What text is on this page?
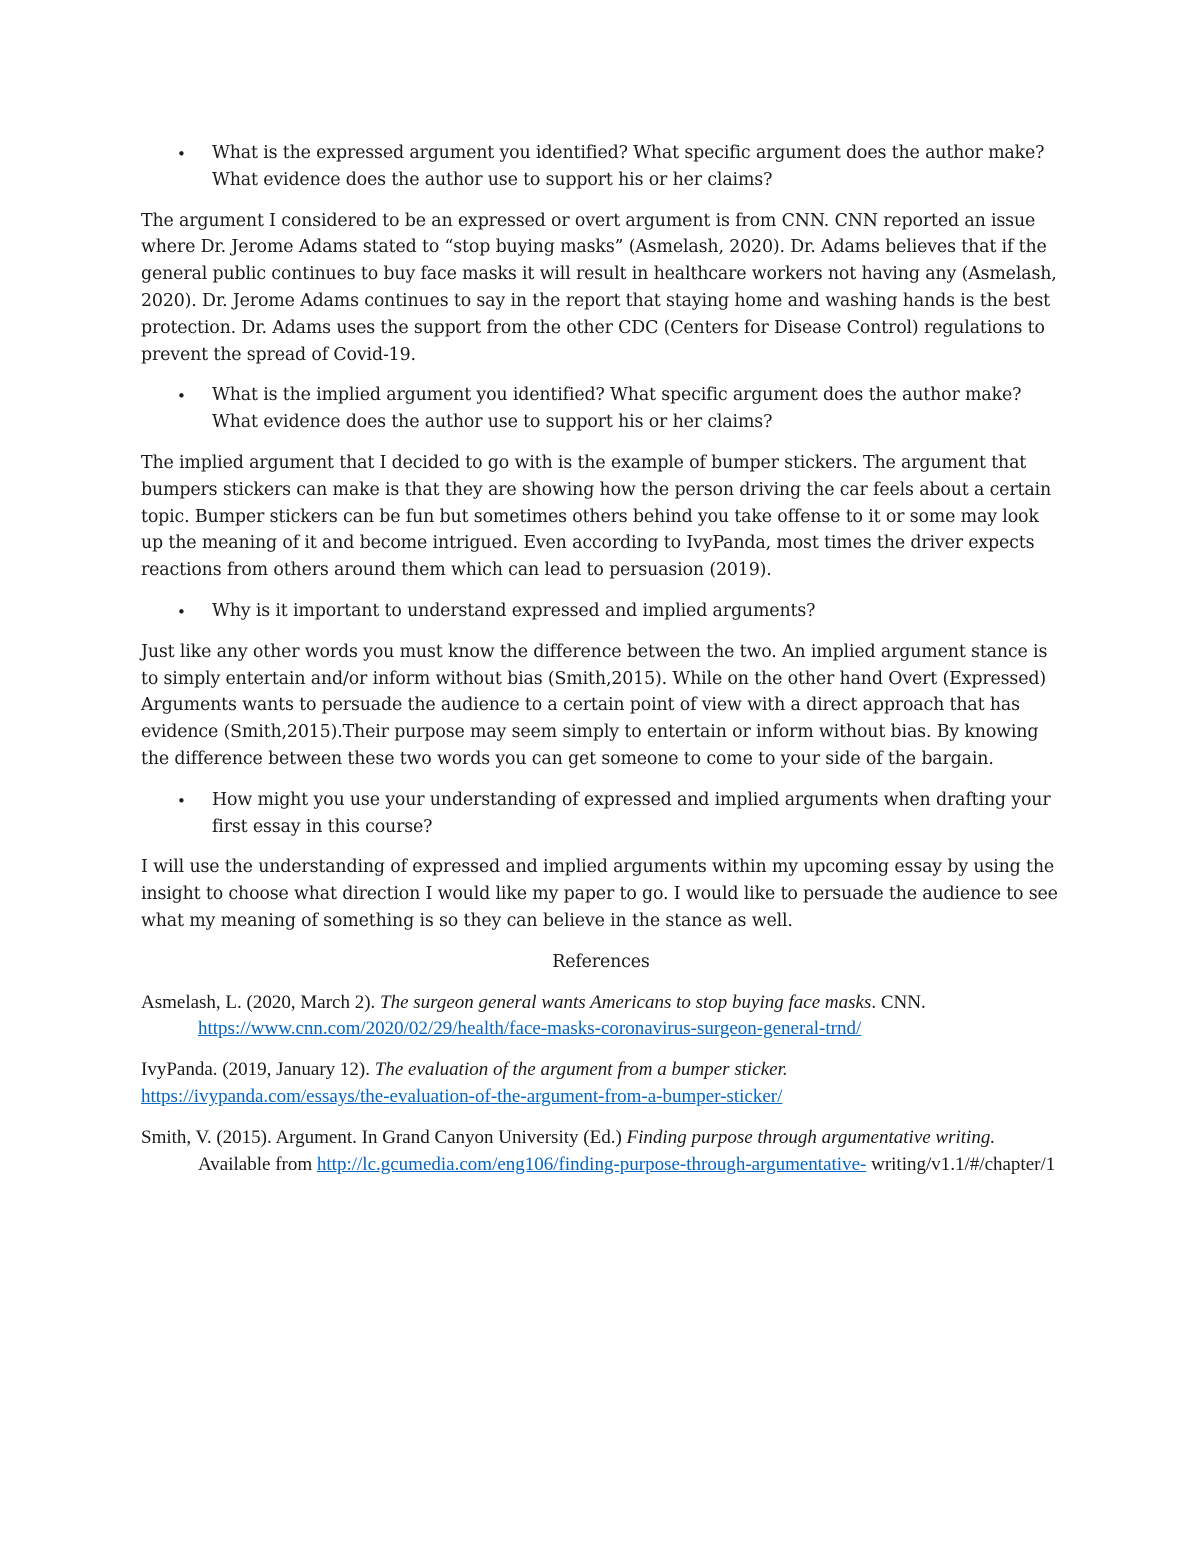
• What is the expressed argument you identified? What specific argument does the author make? What evidence does the author use to support his or her claims?

The argument I considered to be an expressed or overt argument is from CNN. CNN reported an issue where Dr. Jerome Adams stated to “stop buying masks” (Asmelash, 2020). Dr. Adams believes that if the general public continues to buy face masks it will result in healthcare workers not having any (Asmelash, 2020). Dr. Jerome Adams continues to say in the report that staying home and washing hands is the best protection. Dr. Adams uses the support from the other CDC (Centers for Disease Control) regulations to prevent the spread of Covid-19.

• What is the implied argument you identified? What specific argument does the author make? What evidence does the author use to support his or her claims?

The implied argument that I decided to go with is the example of bumper stickers. The argument that bumpers stickers can make is that they are showing how the person driving the car feels about a certain topic. Bumper stickers can be fun but sometimes others behind you take offense to it or some may look up the meaning of it and become intrigued. Even according to IvyPanda, most times the driver expects reactions from others around them which can lead to persuasion (2019).

• Why is it important to understand expressed and implied arguments?

Just like any other words you must know the difference between the two. An implied argument stance is to simply entertain and/or inform without bias (Smith,2015). While on the other hand Overt (Expressed) Arguments wants to persuade the audience to a certain point of view with a direct approach that has evidence (Smith,2015).Their purpose may seem simply to entertain or inform without bias. By knowing the difference between these two words you can get someone to come to your side of the bargain.

• How might you use your understanding of expressed and implied arguments when drafting your first essay in this course?

I will use the understanding of expressed and implied arguments within my upcoming essay by using the insight to choose what direction I would like my paper to go. I would like to persuade the audience to see what my meaning of something is so they can believe in the stance as well.

References

Asmelash, L. (2020, March 2). The surgeon general wants Americans to stop buying face masks. CNN. https://www.cnn.com/2020/02/29/health/face-masks-coronavirus-surgeon-general-trnd/

IvyPanda. (2019, January 12). The evaluation of the argument from a bumper sticker.
https://ivypanda.com/essays/the-evaluation-of-the-argument-from-a-bumper-sticker/

Smith, V. (2015). Argument. In Grand Canyon University (Ed.) Finding purpose through argumentative writing. Available from http://lc.gcumedia.com/eng106/finding-purpose-through-argumentative- writing/v1.1/#/chapter/1
